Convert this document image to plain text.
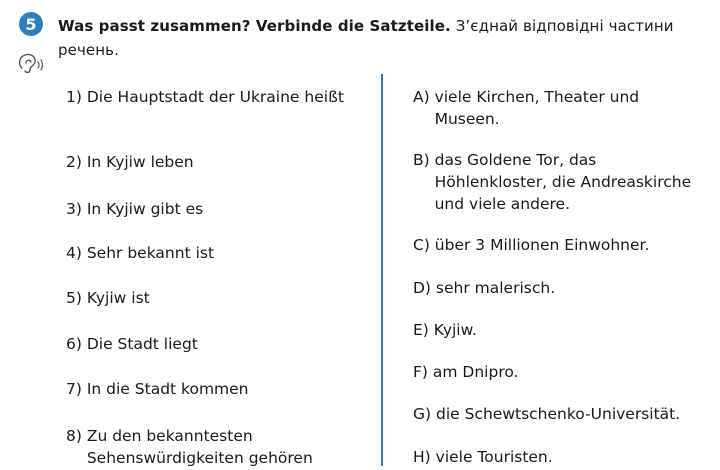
5	Was passt zusammen? Verbinde die Satzteile. З’єднай відповідні частини речень.
1) Die Hauptstadt der Ukraine heißt
2) In Kyjiw leben
3) In Kyjiw gibt es
4) Sehr bekannt ist
5) Kyjiw ist
6) Die Stadt liegt
7) In die Stadt kommen
8) Zu den bekanntesten Sehenswürdigkeiten gehören
A) viele Kirchen, Theater und Museen.
B) das Goldene Tor, das Höhlenkloster, die Andreaskirche und viele andere.
C) über 3 Millionen Einwohner.
D) sehr malerisch.
E) Kyjiw.
F) am Dnipro.
G) die Schewtschenko-Universität.
H) viele Touristen.
